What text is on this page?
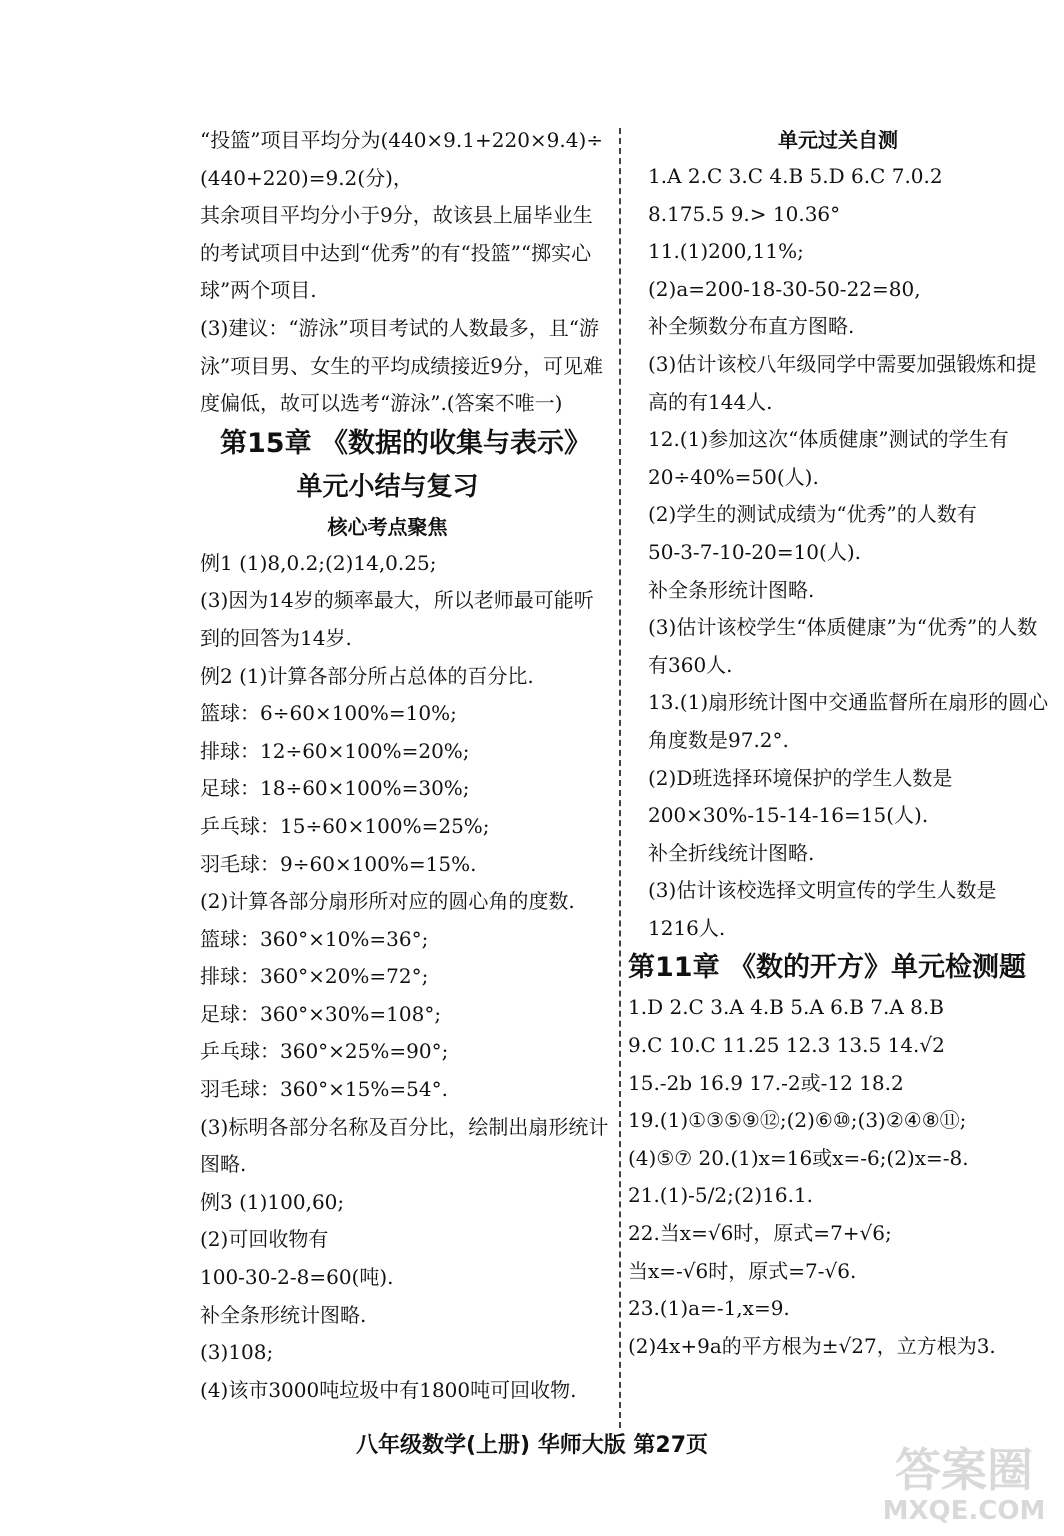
“投篮”项目平均分为(440×9.1+220×9.4)÷
(440+220)=9.2(分)，
其余项目平均分小于9分，故该县上届毕业生
的考试项目中达到“优秀”的有“投篮”“掷实心
球”两个项目.
(3)建议：“游泳”项目考试的人数最多，且“游
泳”项目男、女生的平均成绩接近9分，可见难
度偏低，故可以选考“游泳”.(答案不唯一)
第15章 《数据的收集与表示》
单元小结与复习
核心考点聚焦
例1 (1)8,0.2;(2)14,0.25;
(3)因为14岁的频率最大，所以老师最可能听
到的回答为14岁.
例2 (1)计算各部分所占总体的百分比.
篮球：6÷60×100%=10%;
排球：12÷60×100%=20%;
足球：18÷60×100%=30%;
乒乓球：15÷60×100%=25%;
羽毛球：9÷60×100%=15%.
(2)计算各部分扇形所对应的圆心角的度数.
篮球：360°×10%=36°;
排球：360°×20%=72°;
足球：360°×30%=108°;
乒乓球：360°×25%=90°;
羽毛球：360°×15%=54°.
(3)标明各部分名称及百分比，绘制出扇形统计
图略.
例3 (1)100,60;
(2)可回收物有
100-30-2-8=60(吨).
补全条形统计图略.
(3)108;
(4)该市3000吨垃圾中有1800吨可回收物.
单元过关自测
1.A 2.C 3.C 4.B 5.D 6.C 7.0.2
8.175.5 9.> 10.36°
11.(1)200,11%;
(2)a=200-18-30-50-22=80,
补全频数分布直方图略.
(3)估计该校八年级同学中需要加强锻炼和提
高的有144人.
12.(1)参加这次“体质健康”测试的学生有
20÷40%=50(人).
(2)学生的测试成绩为“优秀”的人数有
50-3-7-10-20=10(人).
补全条形统计图略.
(3)估计该校学生“体质健康”为“优秀”的人数
有360人.
13.(1)扇形统计图中交通监督所在扇形的圆心
角度数是97.2°.
(2)D班选择环境保护的学生人数是
200×30%-15-14-16=15(人).
补全折线统计图略.
(3)估计该校选择文明宣传的学生人数是
1216人.
第11章 《数的开方》单元检测题
1.D 2.C 3.A 4.B 5.A 6.B 7.A 8.B
9.C 10.C 11.25 12.3 13.5 14.√2
15.-2b 16.9 17.-2或-12 18.2
19.(1)①③⑤⑨⑫;(2)⑥⑩;(3)②④⑧⑪;
(4)⑤⑦ 20.(1)x=16或x=-6;(2)x=-8.
21.(1)-5/2;(2)16.1.
22.当x=√6时，原式=7+√6;
当x=-√6时，原式=7-√6.
23.(1)a=-1,x=9.
(2)4x+9a的平方根为±√27，立方根为3.
八年级数学(上册) 华师大版 第27页	答案圈
MXQE.COM
